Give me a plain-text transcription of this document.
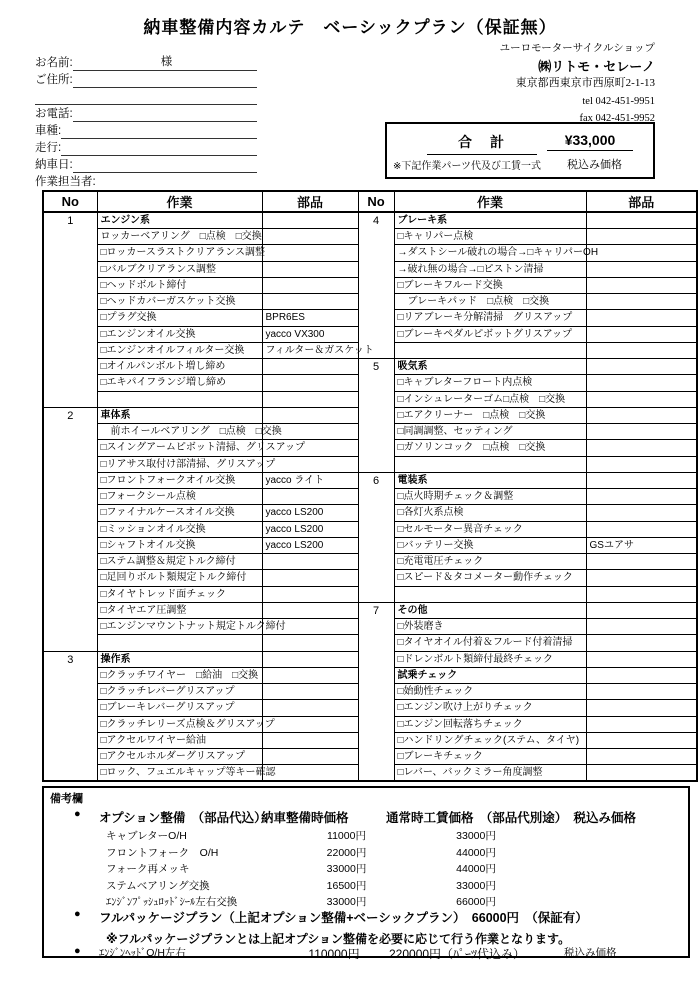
納車整備内容カルテ　ベーシックプラン（保証無）
ユーロモーターサイクルショップ
㈱リトモ・セレーノ
東京都西東京市西原町2-1-13
tel 042-451-9951
fax 042-451-9952
お名前:	様
ご住所:
お電話:
車種:
走行:
納車日:
作業担当者:
合　計	¥33,000
※下記作業パーツ代及び工賃一式 税込み価格
No	作業	部品	No	作業	部品
1	エンジン系		4	ブレーキ系	
	ロッカーベアリング　□点検　□交換			□キャリパー点検	
	□ロッカースラストクリアランス調整			→ダストシール破れの場合→□キャリパーOH	
	□バルブクリアランス調整			→破れ無の場合→□ピストン清掃	
	□ヘッドボルト締付			□ブレーキフルード交換	
	□ヘッドカバーガスケット交換			　ブレーキパッド　□点検　□交換	
	□プラグ交換	BPR6ES		□リアブレーキ分解清掃　グリスアップ	
	□エンジンオイル交換	yacco VX300		□ブレーキペダルピボットグリスアップ	
	□エンジンオイルフィルター交換	フィルター＆ガスケット			
	□オイルパンボルト増し締め		5	吸気系	
	□エキパイフランジ増し締め			□キャブレターフロート内点検	
				□インシュレーターゴム□点検　□交換	
2	車体系			□エアクリーナー　□点検　□交換	
	　前ホイールベアリング　□点検　□交換			□同調調整、セッティング	
	□スイングアームピボット清掃、グリスアップ			□ガソリンコック　□点検　□交換	
	□リアサス取付け部清掃、グリスアップ				
	□フロントフォークオイル交換	yacco ライト	6	電装系	
	□フォークシール点検			□点火時期チェック＆調整	
	□ファイナルケースオイル交換	yacco LS200		□各灯火系点検	
	□ミッションオイル交換	yacco LS200		□セルモーター異音チェック	
	□シャフトオイル交換	yacco LS200		□バッテリー交換	GSユアサ
	□ステム調整＆規定トルク締付			□充電電圧チェック	
	□足回りボルト類規定トルク締付			□スピード＆タコメーター動作チェック	
	□タイヤトレッド面チェック				
	□タイヤエア圧調整		7	その他	
	□エンジンマウントナット規定トルク締付			□外装磨き	
				□タイヤオイル付着＆フルード付着清掃	
3	操作系			□ドレンボルト類締付最終チェック	
	□クラッチワイヤー　□給油　□交換			試乗チェック	
	□クラッチレバーグリスアップ			□始動性チェック	
	□ブレーキレバーグリスアップ			□エンジン吹け上がりチェック	
	□クラッチレリーズ点検＆グリスアップ			□エンジン回転落ちチェック	
	□アクセルワイヤー給油			□ハンドリングチェック(ステム、タイヤ)	
	□アクセルホルダーグリスアップ			□ブレーキチェック	
	□ロック、フュエルキャップ等キー確認			□レバー、バックミラー角度調整	
備考欄
● オプション整備　（部品代込）
納車整備時価格	通常時工賃価格　（部品代別途）　税込み価格
キャブレターO/H	11000円	33000円
フロントフォーク　O/H	22000円	44000円
フォーク再メッキ	33000円	44000円
ステムベアリング交換	16500円	33000円
ｴﾝｼﾞﾝﾌﾟｯｼｭﾛｯﾄﾞｼｰﾙ左右交換	33000円	66000円
● フルパッケージプラン（上記オプション整備+ベーシックプラン）　66000円　（保証有）
※フルパッケージプランとは上記オプション整備を必要に応じて行う作業となります。
● ｴﾝｼﾞﾝﾍｯﾄﾞO/H左右	110000円	220000円（ﾊﾟｰﾂ代込み）	税込み価格
